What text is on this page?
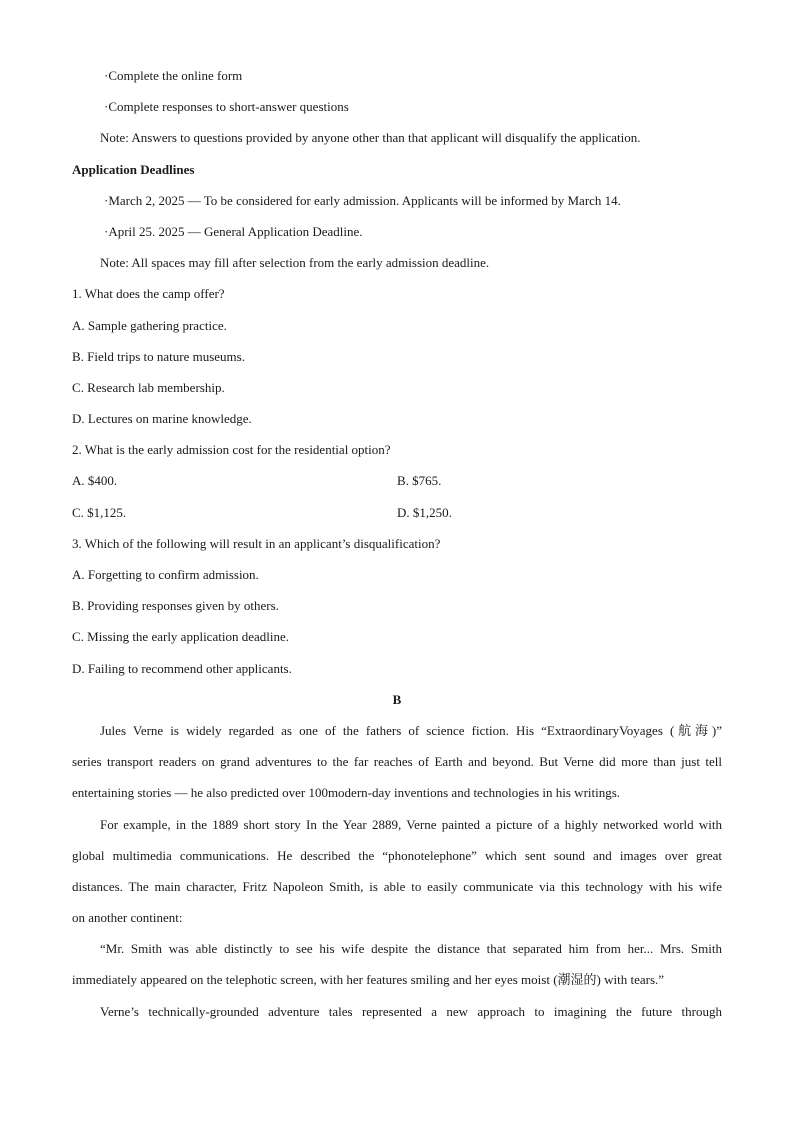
·Complete the online form
·Complete responses to short-answer questions
Note: Answers to questions provided by anyone other than that applicant will disqualify the application.
Application Deadlines
·March 2, 2025 — To be considered for early admission. Applicants will be informed by March 14.
·April 25. 2025 — General Application Deadline.
Note: All spaces may fill after selection from the early admission deadline.
1. What does the camp offer?
A. Sample gathering practice.
B. Field trips to nature museums.
C. Research lab membership.
D. Lectures on marine knowledge.
2. What is the early admission cost for the residential option?
A. $400.	B. $765.
C. $1,125.	D. $1,250.
3. Which of the following will result in an applicant’s disqualification?
A. Forgetting to confirm admission.
B. Providing responses given by others.
C. Missing the early application deadline.
D. Failing to recommend other applicants.
B
Jules Verne is widely regarded as one of the fathers of science fiction. His “ExtraordinaryVoyages (航海)”
series transport readers on grand adventures to the far reaches of Earth and beyond. But Verne did more than just tell
entertaining stories — he also predicted over 100modern-day inventions and technologies in his writings.
For example, in the 1889 short story In the Year 2889, Verne painted a picture of a highly networked world with
global multimedia communications. He described the “phonotelephone” which sent sound and images over great
distances. The main character, Fritz Napoleon Smith, is able to easily communicate via this technology with his wife
on another continent:
“Mr. Smith was able distinctly to see his wife despite the distance that separated him from her... Mrs. Smith
immediately appeared on the telephotic screen, with her features smiling and her eyes moist (潮湿的) with tears.”
Verne’s technically-grounded adventure tales represented a new approach to imagining the future through
